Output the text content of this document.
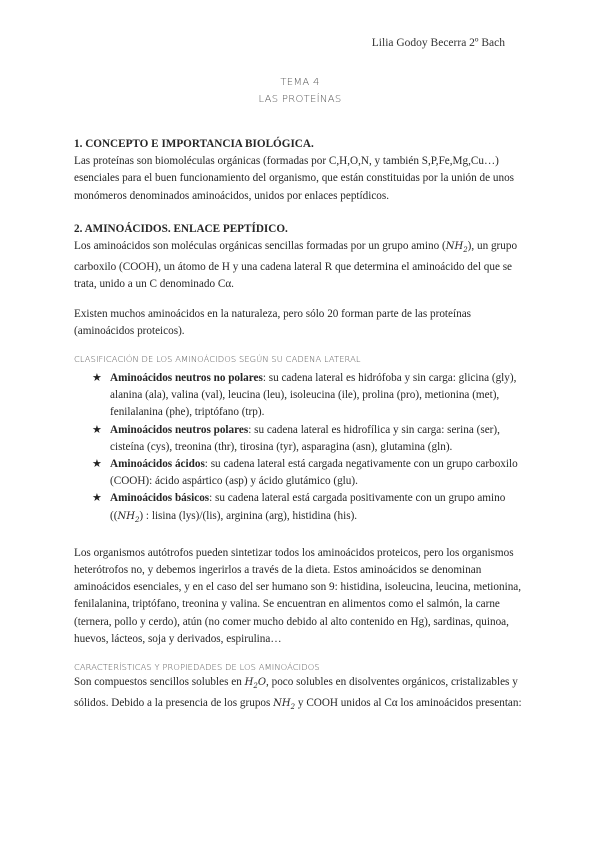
Lilia Godoy Becerra 2º Bach
TEMA 4
LAS PROTEÍNAS

1. CONCEPTO E IMPORTANCIA BIOLÓGICA.

Las proteínas son biomoléculas orgánicas (formadas por C,H,O,N, y también S,P,Fe,Mg,Cu…) esenciales para el buen funcionamiento del organismo, que están constituidas por la unión de unos monómeros denominados aminoácidos, unidos por enlaces peptídicos.

2. AMINOÁCIDOS. ENLACE PEPTÍDICO.

Los aminoácidos son moléculas orgánicas sencillas formadas por un grupo amino $(NH_2)$, un grupo carboxilo (COOH), un átomo de H y una cadena lateral R que determina el aminoácido del que se trata, unido a un C denominado Cα.

Existen muchos aminoácidos en la naturaleza, pero sólo 20 forman parte de las proteínas (aminoácidos proteicos).

CLASIFICACIÓN DE LOS AMINOÁCIDOS SEGÚN SU CADENA LATERAL

★ Aminoácidos neutros no polares: su cadena lateral es hidrófoba y sin carga: glicina (gly), alanina (ala), valina (val), leucina (leu), isoleucina (ile), prolina (pro), metionina (met), fenilalanina (phe), triptófano (trp).
★ Aminoácidos neutros polares: su cadena lateral es hidrofílica y sin carga: serina (ser), cisteína (cys), treonina (thr), tirosina (tyr), asparagina (asn), glutamina (gln).
★ Aminoácidos ácidos: su cadena lateral está cargada negativamente con un grupo carboxilo (COOH): ácido aspártico (asp) y ácido glutámico (glu).
★ Aminoácidos básicos: su cadena lateral está cargada positivamente con un grupo amino ($(NH_2)$ : lisina (lys)/(lis), arginina (arg), histidina (his).

Los organismos autótrofos pueden sintetizar todos los aminoácidos proteicos, pero los organismos heterótrofos no, y debemos ingerirlos a través de la dieta. Estos aminoácidos se denominan aminoácidos esenciales, y en el caso del ser humano son 9: histidina, isoleucina, leucina, metionina, fenilalanina, triptófano, treonina y valina. Se encuentran en alimentos como el salmón, la carne (ternera, pollo y cerdo), atún (no comer mucho debido al alto contenido en Hg), sardinas, quinoa, huevos, lácteos, soja y derivados, espirulina…

CARACTERÍSTICAS Y PROPIEDADES DE LOS AMINOÁCIDOS

Son compuestos sencillos solubles en $H_2O$, poco solubles en disolventes orgánicos, cristalizables y sólidos. Debido a la presencia de los grupos $NH_2$ y COOH unidos al Cα los aminoácidos presentan:
